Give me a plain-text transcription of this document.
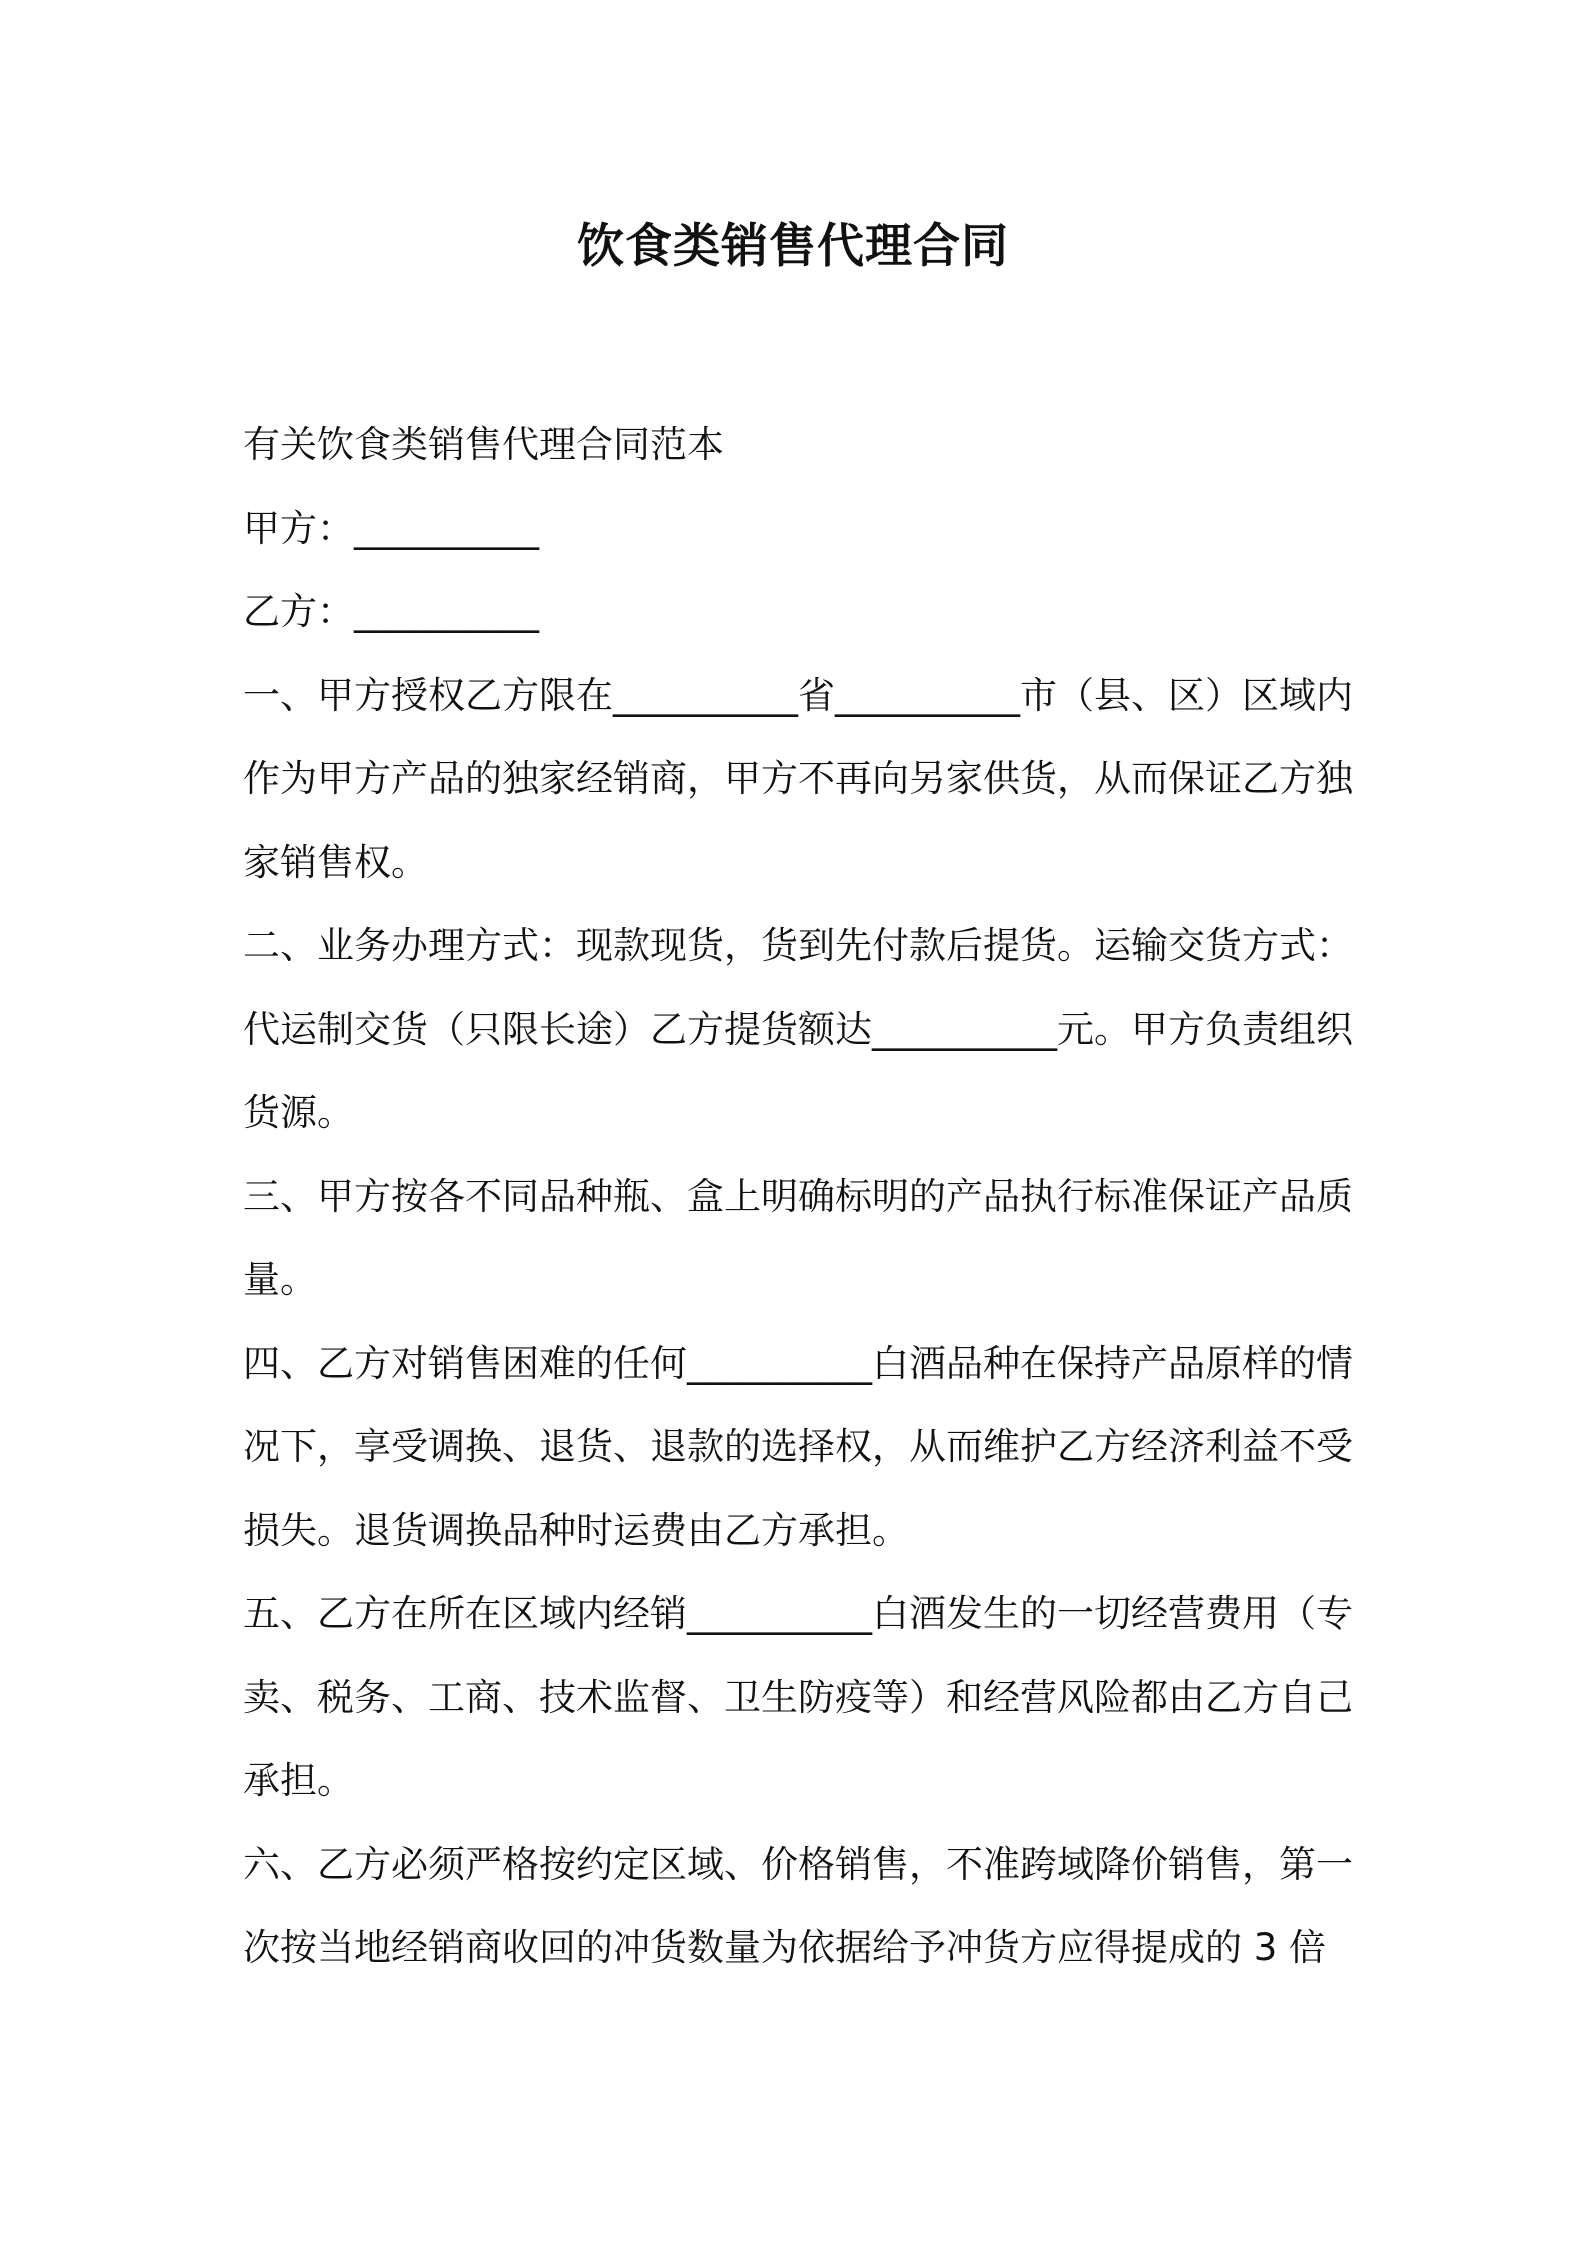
饮食类销售代理合同

有关饮食类销售代理合同范本

甲方：__________

乙方：__________

一、甲方授权乙方限在__________省__________市（县、区）区域内

作为甲方产品的独家经销商，甲方不再向另家供货，从而保证乙方独

家销售权。

二、业务办理方式：现款现货，货到先付款后提货。运输交货方式：

代运制交货（只限长途）乙方提货额达__________元。甲方负责组织

货源。

三、甲方按各不同品种瓶、盒上明确标明的产品执行标准保证产品质

量。

四、乙方对销售困难的任何__________白酒品种在保持产品原样的情

况下，享受调换、退货、退款的选择权，从而维护乙方经济利益不受

损失。退货调换品种时运费由乙方承担。

五、乙方在所在区域内经销__________白酒发生的一切经营费用（专

卖、税务、工商、技术监督、卫生防疫等）和经营风险都由乙方自己

承担。

六、乙方必须严格按约定区域、价格销售，不准跨域降价销售，第一

次按当地经销商收回的冲货数量为依据给予冲货方应得提成的 3 倍
